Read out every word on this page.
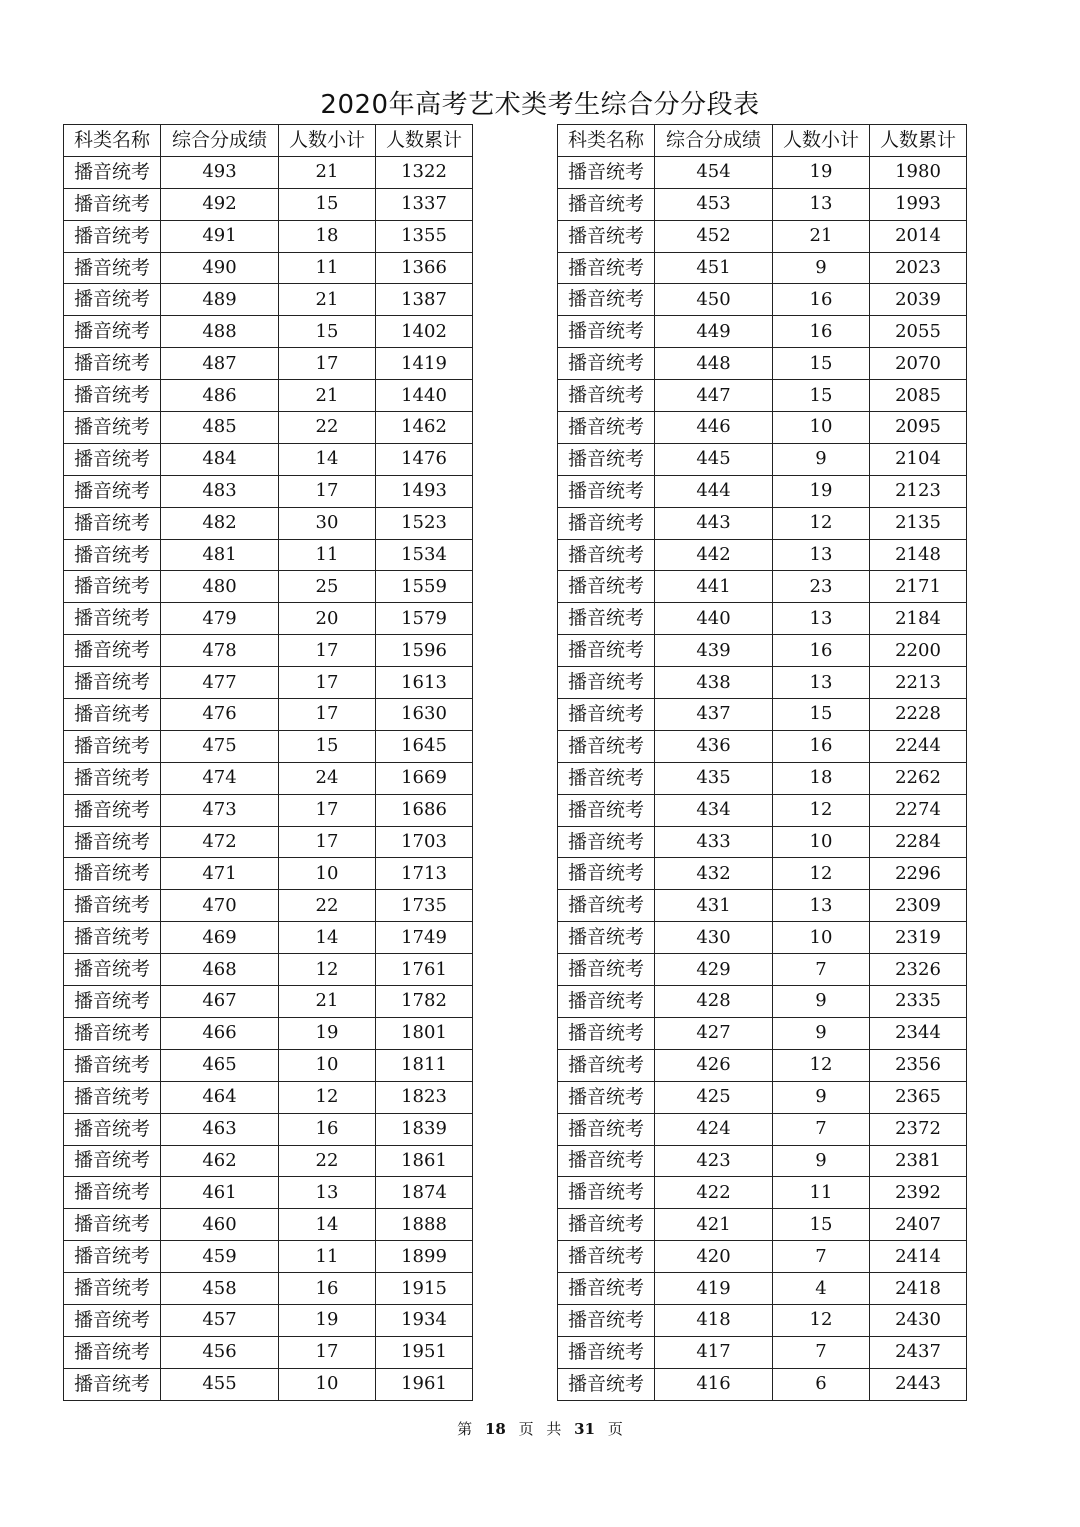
2020年高考艺术类考生综合分分段表
科类名称	综合分成绩	人数小计	人数累计
播音统考	493	21	1322
播音统考	492	15	1337
播音统考	491	18	1355
播音统考	490	11	1366
播音统考	489	21	1387
播音统考	488	15	1402
播音统考	487	17	1419
播音统考	486	21	1440
播音统考	485	22	1462
播音统考	484	14	1476
播音统考	483	17	1493
播音统考	482	30	1523
播音统考	481	11	1534
播音统考	480	25	1559
播音统考	479	20	1579
播音统考	478	17	1596
播音统考	477	17	1613
播音统考	476	17	1630
播音统考	475	15	1645
播音统考	474	24	1669
播音统考	473	17	1686
播音统考	472	17	1703
播音统考	471	10	1713
播音统考	470	22	1735
播音统考	469	14	1749
播音统考	468	12	1761
播音统考	467	21	1782
播音统考	466	19	1801
播音统考	465	10	1811
播音统考	464	12	1823
播音统考	463	16	1839
播音统考	462	22	1861
播音统考	461	13	1874
播音统考	460	14	1888
播音统考	459	11	1899
播音统考	458	16	1915
播音统考	457	19	1934
播音统考	456	17	1951
播音统考	455	10	1961
科类名称	综合分成绩	人数小计	人数累计
播音统考	454	19	1980
播音统考	453	13	1993
播音统考	452	21	2014
播音统考	451	9	2023
播音统考	450	16	2039
播音统考	449	16	2055
播音统考	448	15	2070
播音统考	447	15	2085
播音统考	446	10	2095
播音统考	445	9	2104
播音统考	444	19	2123
播音统考	443	12	2135
播音统考	442	13	2148
播音统考	441	23	2171
播音统考	440	13	2184
播音统考	439	16	2200
播音统考	438	13	2213
播音统考	437	15	2228
播音统考	436	16	2244
播音统考	435	18	2262
播音统考	434	12	2274
播音统考	433	10	2284
播音统考	432	12	2296
播音统考	431	13	2309
播音统考	430	10	2319
播音统考	429	7	2326
播音统考	428	9	2335
播音统考	427	9	2344
播音统考	426	12	2356
播音统考	425	9	2365
播音统考	424	7	2372
播音统考	423	9	2381
播音统考	422	11	2392
播音统考	421	15	2407
播音统考	420	7	2414
播音统考	419	4	2418
播音统考	418	12	2430
播音统考	417	7	2437
播音统考	416	6	2443
第 18 页 共 31 页
